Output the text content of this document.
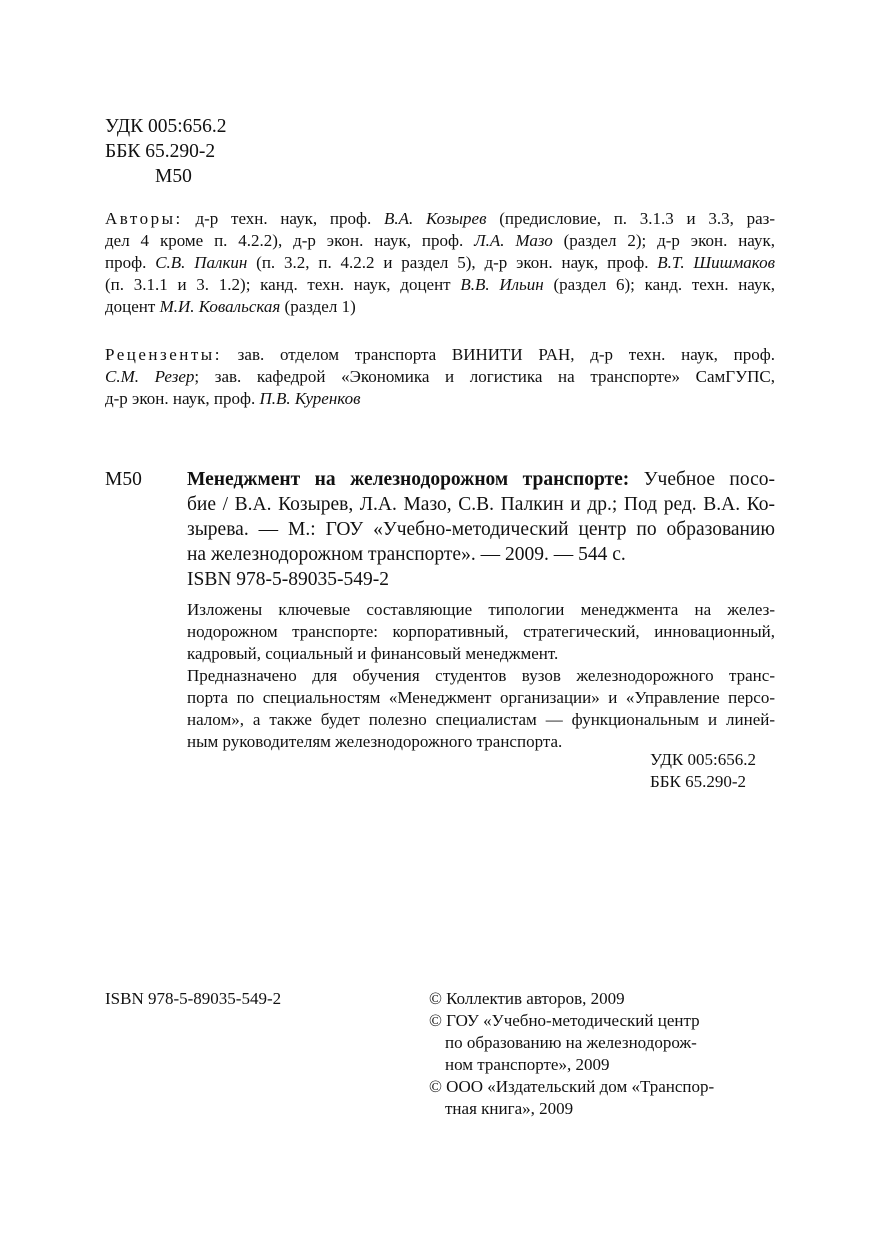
УДК 005:656.2
ББК 65.290-2
М50
Авторы: д-р техн. наук, проф. В.А. Козырев (предисловие, п. 3.1.3 и 3.3, раз-
дел 4 кроме п. 4.2.2), д-р экон. наук, проф. Л.А. Мазо (раздел 2); д-р экон. наук,
проф. С.В. Палкин (п. 3.2, п. 4.2.2 и раздел 5), д-р экон. наук, проф. В.Т. Шишмаков
(п. 3.1.1 и 3. 1.2); канд. техн. наук, доцент В.В. Ильин (раздел 6); канд. техн. наук,
доцент М.И. Ковальская (раздел 1)
Рецензенты: зав. отделом транспорта ВИНИТИ РАН, д-р техн. наук, проф.
С.М. Резер; зав. кафедрой «Экономика и логистика на транспорте» СамГУПС,
д-р экон. наук, проф. П.В. Куренков
М50 Менеджмент на железнодорожном транспорте: Учебное посо-
бие / В.А. Козырев, Л.А. Мазо, С.В. Палкин и др.; Под ред. В.А. Ко-
зырева. — М.: ГОУ «Учебно-методический центр по образованию
на железнодорожном транспорте». — 2009. — 544 с.
ISBN 978-5-89035-549-2
Изложены ключевые составляющие типологии менеджмента на желез-
нодорожном транспорте: корпоративный, стратегический, инновационный,
кадровый, социальный и финансовый менеджмент.
Предназначено для обучения студентов вузов железнодорожного транс-
порта по специальностям «Менеджмент организации» и «Управление персо-
налом», а также будет полезно специалистам — функциональным и линей-
ным руководителям железнодорожного транспорта.
УДК 005:656.2
ББК 65.290-2
ISBN 978-5-89035-549-2	© Коллектив авторов, 2009
© ГОУ «Учебно-методический центр
по образованию на железнодорож-
ном транспорте», 2009
© ООО «Издательский дом «Транспор-
тная книга», 2009
